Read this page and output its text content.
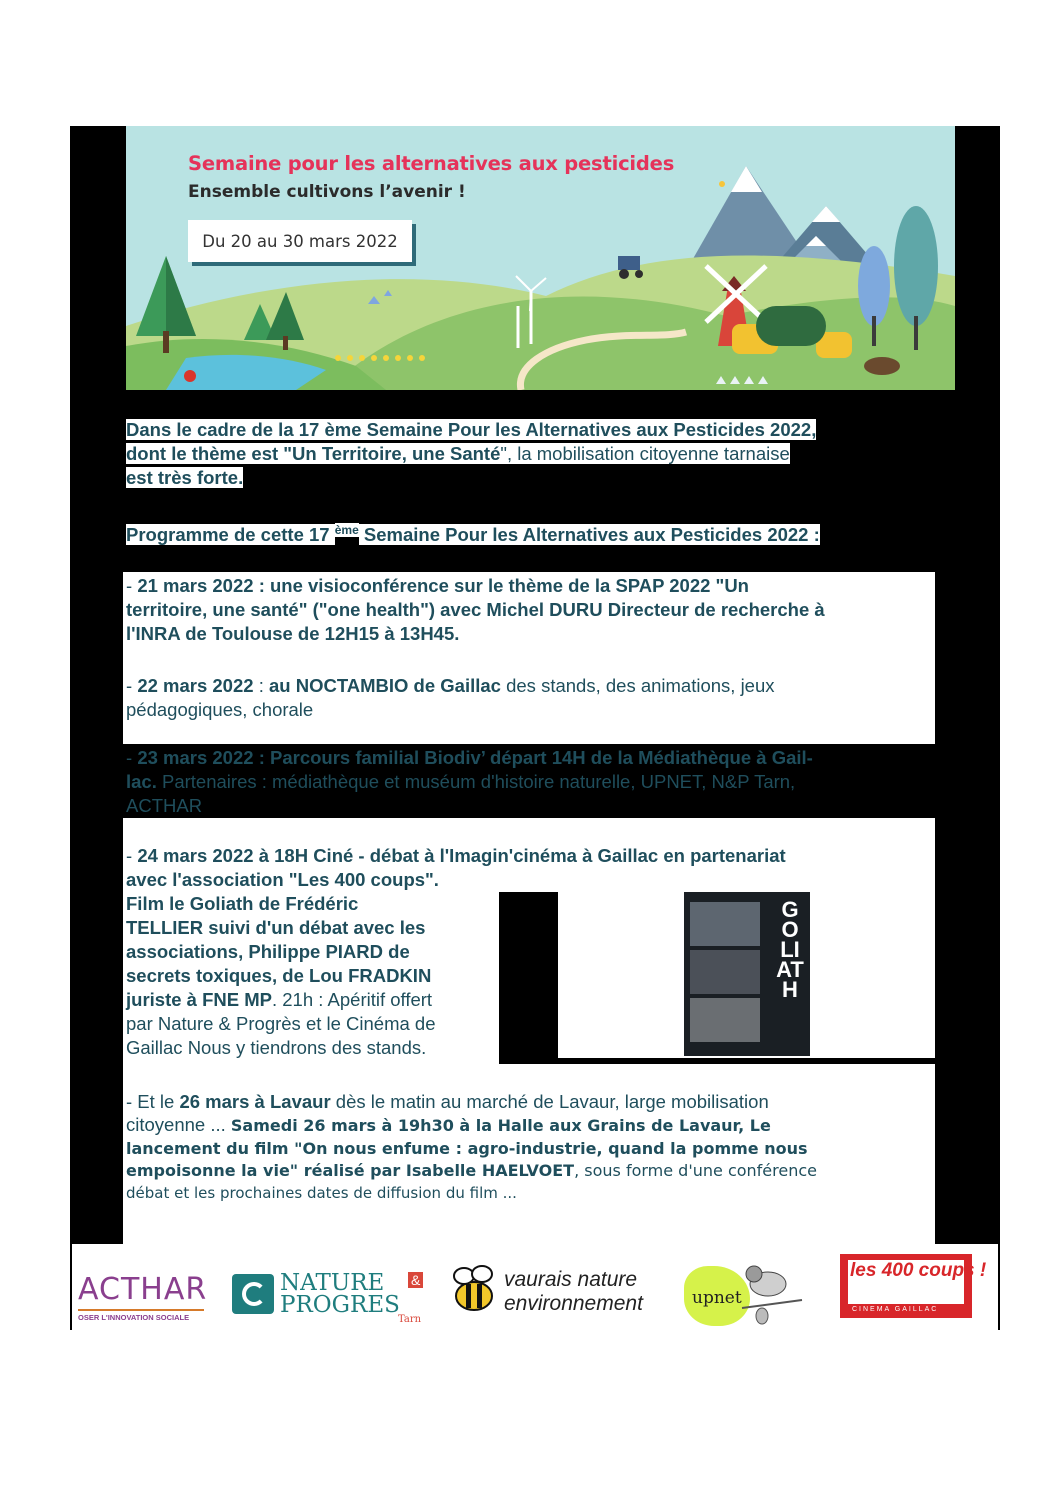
Semaine pour les alternatives aux pesticides
Ensemble cultivons l’avenir !
Du 20 au 30 mars 2022

Dans le cadre de la 17 ème Semaine Pour les Alternatives aux Pesticides 2022,

dont le thème est "Un Territoire, une Santé", la mobilisation citoyenne tarnaise

est très forte.

Programme de cette 17 $^{ème}$ Semaine Pour les Alternatives aux Pesticides 2022 :

- 21 mars 2022 : une visioconférence sur le thème de la SPAP 2022 "Un

territoire, une santé" ("one health") avec Michel DURU Directeur de recherche à

l'INRA de Toulouse de 12H15 à 13H45.

- 22 mars 2022 : au NOCTAMBIO de Gaillac des stands, des animations, jeux

pédagogiques, chorale

- 23 mars 2022 : Parcours familial Biodiv’ départ 14H de la Médiathèque à Gail-

lac. Partenaires : médiathèque et muséum d'histoire naturelle, UPNET, N&P Tarn,

ACTHAR

- 24 mars 2022 à 18H Ciné - débat à l'Imagin'cinéma à Gaillac en partenariat

avec l'association "Les 400 coups".

Film le Goliath de Frédéric

TELLIER suivi d'un débat avec les

associations, Philippe PIARD de

secrets toxiques, de Lou FRADKIN

juriste à FNE MP. 21h : Apéritif offert

par Nature & Progrès et le Cinéma de

Gaillac Nous y tiendrons des stands.

GOLIATH

- Et le 26 mars à Lavaur dès le matin au marché de Lavaur, large mobilisation

citoyenne ... Samedi 26 mars à 19h30 à la Halle aux Grains de Lavaur, Le

lancement du film "On nous enfume : agro-industrie, quand la pomme nous

empoisonne la vie" réalisé par Isabelle HAELVOET, sous forme d'une conférence

débat et les prochaines dates de diffusion du film ...

ACTHAR
OSER L'INNOVATION SOCIALE
NATURE &
PROGRES
Tarn
vaurais nature
environnement	upnet
les 400 coups !
CINEMA GAILLAC
